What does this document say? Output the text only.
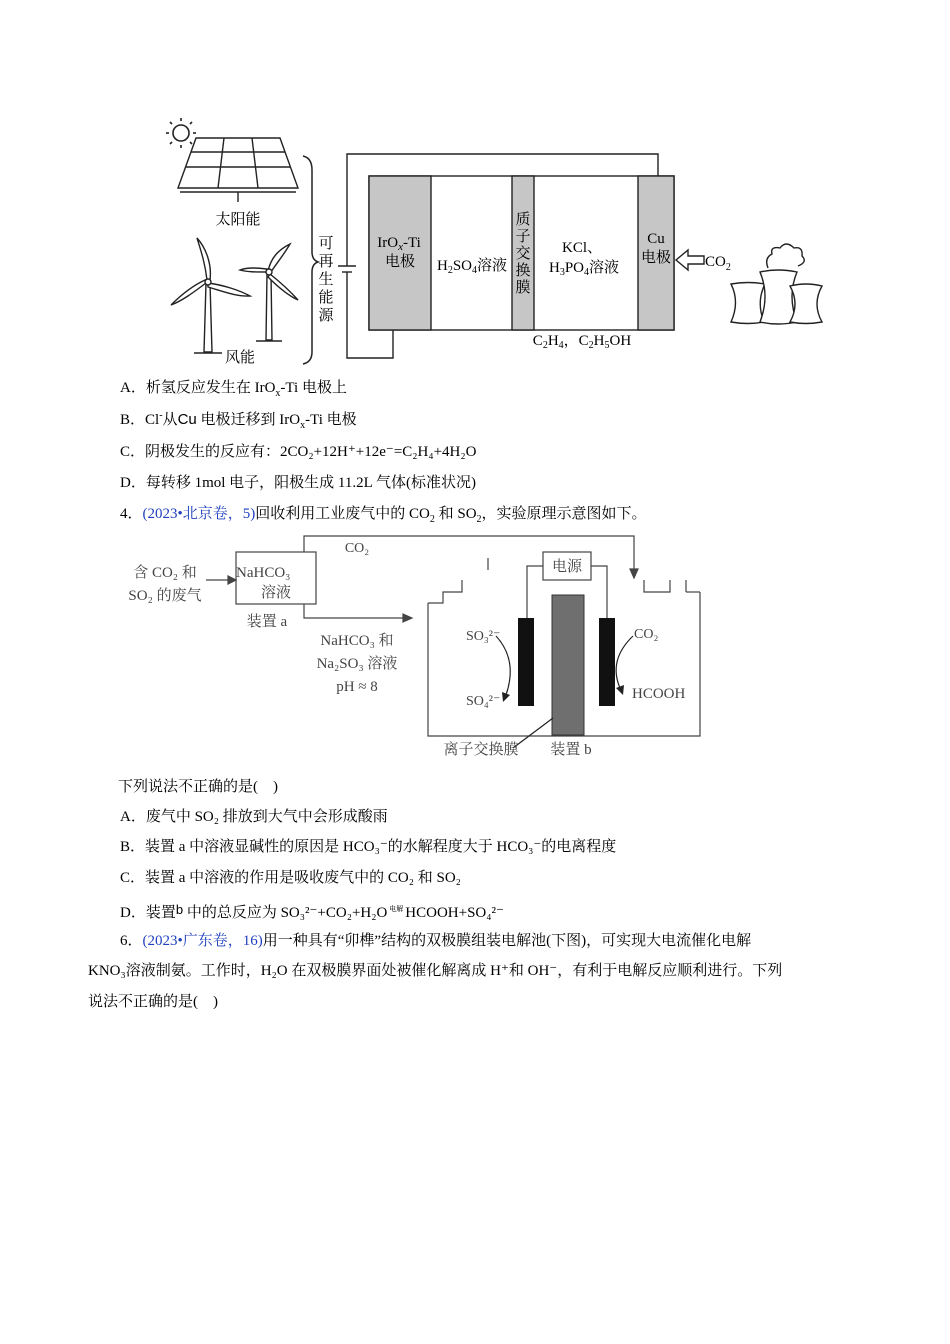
太阳能
风能
可
再
生
能
源
IrO$_x$-Ti
电极 $H_2SO_4$溶液
质
子
交
换
膜
KCl、
$H_3PO_4$溶液
Cu
电极 $CO_2$
$C_2H_4$，$C_2H_5OH$
A．析氢反应发生在 IrO$_x$-Ti 电极上
B．Cl-从Cu 电极迁移到 IrO$_x$-Ti 电极
C．阴极发生的反应有：2CO₂+12H⁺+12e⁻=C₂H₄+4H₂O
D．每转移 1mol 电子，阳极生成 11.2L 气体(标准状况)
4．(2023•北京卷，5)回收利用工业废气中的 $CO_2$ 和 $SO_2$，实验原理示意图如下。
含 CO₂ 和
SO₂ 的废气
NaHCO₃
溶液
装置 a
CO₂
NaHCO₃ 和
Na₂SO₃ 溶液
pH ≈ 8
电源
SO₃²⁻
SO₄²⁻
CO₂
HCOOH
离子交换膜 装置 b
下列说法不正确的是(　)
A．废气中 SO₂ 排放到大气中会形成酸雨
B．装置 a 中溶液显碱性的原因是 HCO₃⁻的水解程度大于 HCO₃⁻的电离程度
C．装置 a 中溶液的作用是吸收废气中的 CO₂ 和 SO₂
D．装置b 中的总反应为 SO₃²⁻+CO₂+H₂O $^{电解}$ HCOOH+SO₄²⁻
6．(2023•广东卷，16)用一种具有“卯榫”结构的双极膜组装电解池(下图)，可实现大电流催化电解
KNO₃溶液制氨。工作时，H₂O 在双极膜界面处被催化解离成 H⁺和 OH⁻，有利于电解反应顺利进行。下列
说法不正确的是(　)
